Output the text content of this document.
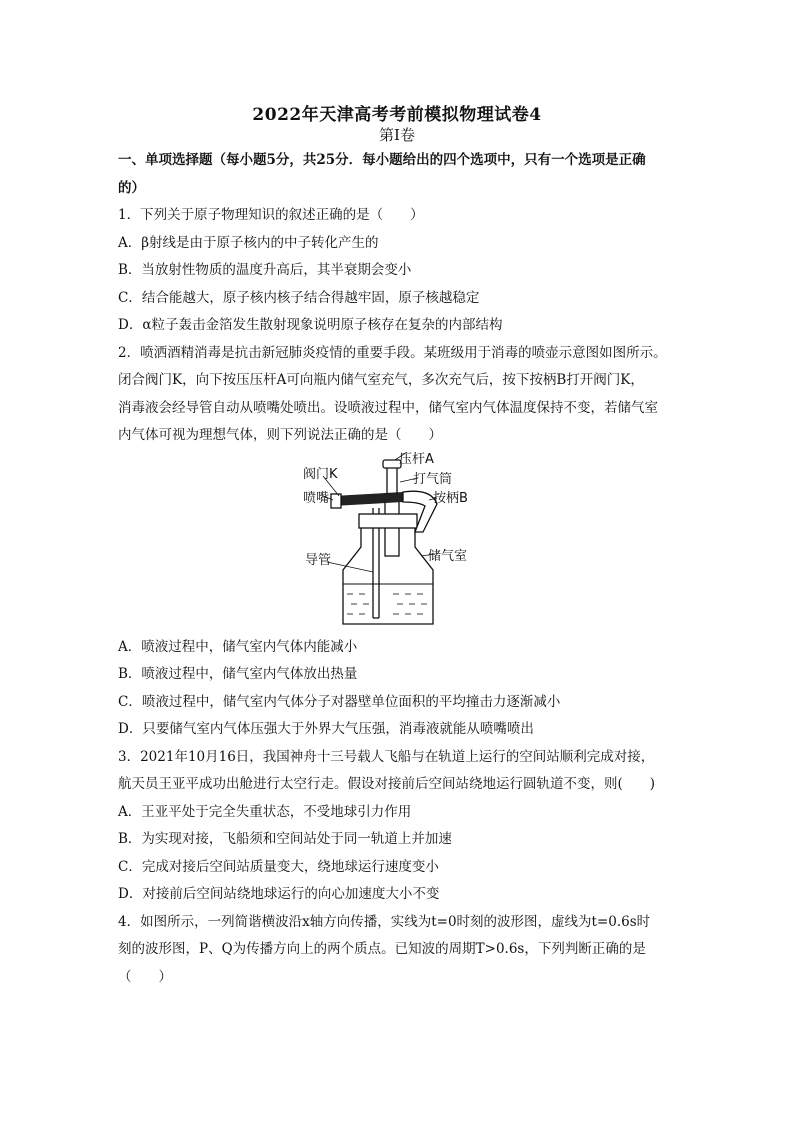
2022年天津高考考前模拟物理试卷4
第Ⅰ卷
一、单项选择题（每小题5分，共25分．每小题给出的四个选项中，只有一个选项是正确
的）
1．下列关于原子物理知识的叙述正确的是（　　）
A．β射线是由于原子核内的中子转化产生的
B．当放射性物质的温度升高后，其半衰期会变小
C．结合能越大，原子核内核子结合得越牢固，原子核越稳定
D．α粒子轰击金箔发生散射现象说明原子核存在复杂的内部结构
2．喷洒酒精消毒是抗击新冠肺炎疫情的重要手段。某班级用于消毒的喷壶示意图如图所示。
闭合阀门K，向下按压压杆A可向瓶内储气室充气，多次充气后，按下按柄B打开阀门K，
消毒液会经导管自动从喷嘴处喷出。设喷液过程中，储气室内气体温度保持不变，若储气室
内气体可视为理想气体，则下列说法正确的是（　　）
阀门K
喷嘴
压杆A
打气筒
按柄B
导管	储气室
A．喷液过程中，储气室内气体内能减小
B．喷液过程中，储气室内气体放出热量
C．喷液过程中，储气室内气体分子对器壁单位面积的平均撞击力逐渐减小
D．只要储气室内气体压强大于外界大气压强，消毒液就能从喷嘴喷出
3．2021年10月16日，我国神舟十三号载人飞船与在轨道上运行的空间站顺利完成对接，
航天员王亚平成功出舱进行太空行走。假设对接前后空间站绕地运行圆轨道不变，则(　　)
A．王亚平处于完全失重状态，不受地球引力作用
B．为实现对接，飞船须和空间站处于同一轨道上并加速
C．完成对接后空间站质量变大，绕地球运行速度变小
D．对接前后空间站绕地球运行的向心加速度大小不变
4．如图所示，一列简谐横波沿x轴方向传播，实线为t=0时刻的波形图，虚线为t=0.6s时
刻的波形图，P、Q为传播方向上的两个质点。已知波的周期T>0.6s，下列判断正确的是
（　　）
